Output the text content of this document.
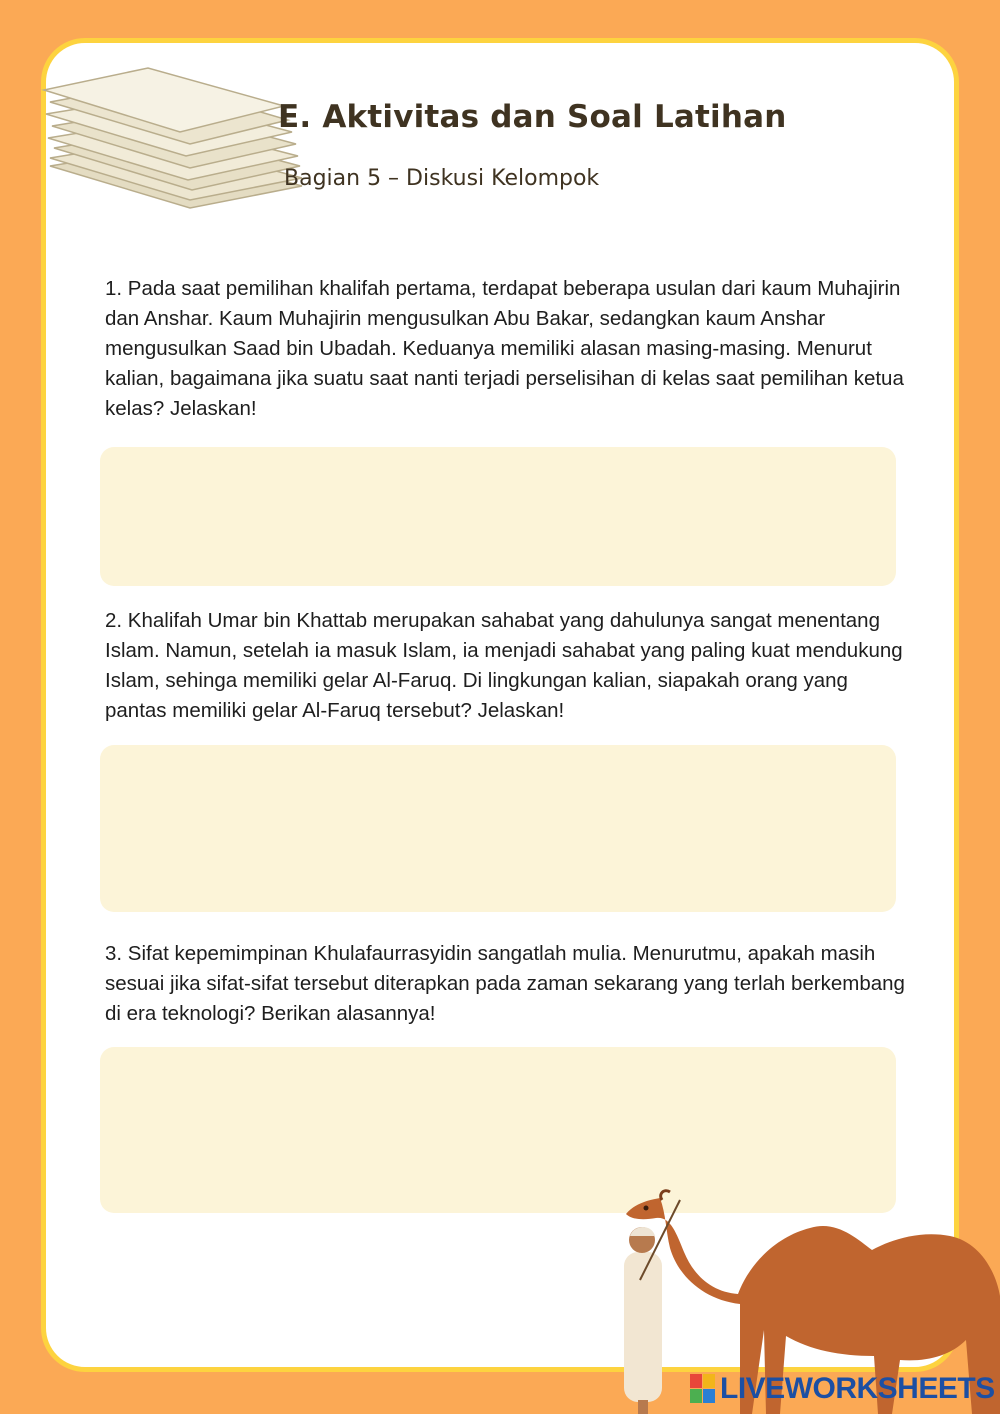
E. Aktivitas dan Soal Latihan
Bagian 5 – Diskusi Kelompok
1. Pada saat pemilihan khalifah pertama, terdapat beberapa usulan dari kaum Muhajirin dan Anshar. Kaum Muhajirin mengusulkan Abu Bakar, sedangkan kaum Anshar mengusulkan Saad bin Ubadah. Keduanya memiliki alasan masing-masing. Menurut kalian, bagaimana jika suatu saat nanti terjadi perselisihan di kelas saat pemilihan ketua kelas? Jelaskan!
2. Khalifah Umar bin Khattab merupakan sahabat yang dahulunya sangat menentang Islam. Namun, setelah ia masuk Islam, ia menjadi sahabat yang paling kuat mendukung Islam, sehinga memiliki gelar Al-Faruq. Di lingkungan kalian, siapakah orang yang pantas memiliki gelar Al-Faruq tersebut? Jelaskan!
3. Sifat kepemimpinan Khulafaurrasyidin sangatlah mulia. Menurutmu, apakah masih sesuai jika sifat-sifat tersebut diterapkan pada zaman sekarang yang terlah berkembang di era teknologi? Berikan alasannya!
LIVEWORKSHEETS
